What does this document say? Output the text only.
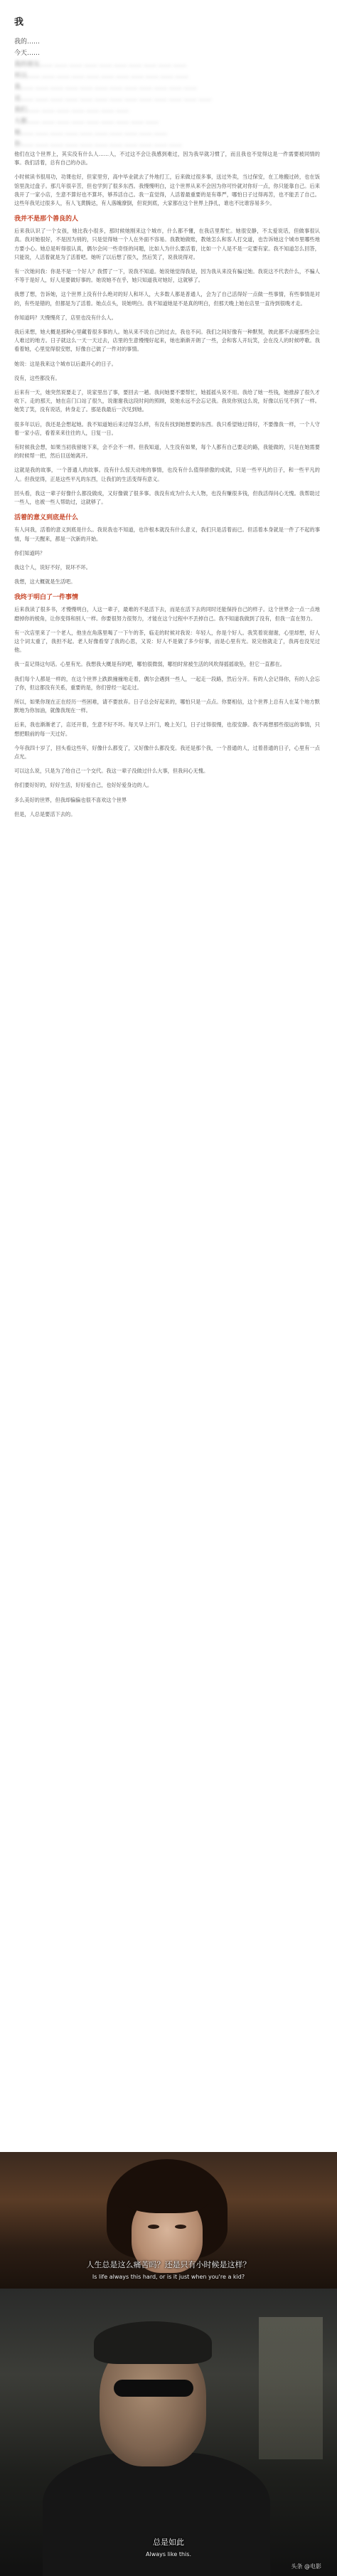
我
我的……
今天……
我的朋友…… …… …… …… …… …… …… …… …… ……
所以…… …… …… …… …… …… …… …… …… …… ……
我…… …… …… …… …… …… …… …… …… …… …… ……
这…… …… …… …… …… …… …… …… …… …… …… …… ……
我们…… …… …… …… …… …… ……
大都…… …… …… …… …… …… …… …… ……
她…… …… …… …… …… …… …… …… …… ……
你…… …… …… …… …… …… …… …… …… …… ……
他们在这个世界上，其实没有什么人……人，不过这不会让我感到难过，因为我早就习惯了，而且我也不觉得这是一件需要被同情的事。我们活着，总有自己的办法。
小时候读书很用功，功课也好，但家里穷，高中毕业就去了外地打工，后来做过很多事，送过外卖，当过保安，在工地搬过砖，也在饭馆里洗过盘子。那几年很辛苦，但也学到了很多东西。我慢慢明白，这个世界从来不会因为你可怜就对你好一点，你只能靠自己。后来我开了一家小店，生意不算好也不算坏，够养活自己。我一直觉得，人活着最重要的是有尊严，哪怕日子过得再苦，也不能丢了自己。这些年我见过很多人，有人飞黄腾达，有人落魄潦倒，但说到底，大家都在这个世界上挣扎，谁也不比谁容易多少。
我并不是那个善良的人
后来我认识了一个女孩，她比我小很多，那时候她刚来这个城市，什么都不懂，在我店里帮忙。她很安静，不太爱说话，但做事很认真。我对她很好，不是因为别的，只是觉得她一个人在外面不容易。我教她做账，教她怎么和客人打交道，也告诉她这个城市里哪些地方要小心。她总是听得很认真，偶尔会问一些奇怪的问题，比如人为什么要活着，比如一个人是不是一定要有家。我不知道怎么回答，只能说，人活着就是为了活着吧。她听了以后想了很久，然后笑了，说我说得对。
有一次她问我：你是不是一个好人？我愣了一下，说我不知道。她说她觉得我是，因为我从来没有骗过她。我说这不代表什么，不骗人不等于是好人，好人是要做好事的。她说她不在乎，她只知道我对她好，这就够了。
我想了想，告诉她，这个世界上没有什么绝对的好人和坏人，大多数人都是普通人，会为了自己活得好一点做一些事情，有些事情是对的，有些是错的，但都是为了活着。她点点头，说她明白。我不知道她是不是真的明白，但那天晚上她在店里一直待到很晚才走。
你知道吗？天慢慢亮了，店里也没有什么人。
我后来想，她大概是那种心里藏着很多事的人。她从来不说自己的过去，我也不问。我们之间好像有一种默契，彼此都不去碰那些会让人难过的地方。日子就这么一天一天过去，店里的生意慢慢好起来，她也渐渐开朗了一些，会和客人开玩笑，会在没人的时候哼歌。我看着她，心里觉得很安慰，好像自己做了一件对的事情。
她说：这是我来这个城市以后最开心的日子。
没有，这些都没有。
后来有一天，她突然说要走了，说家里出了事，要回去一趟。我问她要不要帮忙，她摇摇头说不用。我给了她一些钱，她推辞了很久才收下。走的那天，她在店门口站了很久，说谢谢我这段时间的照顾，说她永远不会忘记我。我说你别这么说，好像以后见不到了一样。她笑了笑，没有说话，转身走了。那是我最后一次见到她。
很多年以后，我还是会想起她。我不知道她后来过得怎么样，有没有找到她想要的东西。我只希望她过得好，不要像我一样，一个人守着一家小店，看着来来往往的人，日复一日。
有时候我会想，如果当初我留她下来，会不会不一样。但我知道，人生没有如果，每个人都有自己要走的路，我能做的，只是在她需要的时候帮一把，然后目送她离开。
这就是我的故事，一个普通人的故事。没有什么惊天动地的事情，也没有什么值得骄傲的成就，只是一些平凡的日子，和一些平凡的人。但我觉得，正是这些平凡的东西，让我们的生活变得有意义。
回头看，我这一辈子好像什么都没做成，又好像做了很多事。我没有成为什么大人物，也没有赚很多钱，但我活得问心无愧。我帮助过一些人，也被一些人帮助过，这就够了。
活着的意义到底是什么
有人问我，活着的意义到底是什么。我说我也不知道，也许根本就没有什么意义，我们只是活着而已。但活着本身就是一件了不起的事情，每一天醒来，都是一次新的开始。
你们知道吗？
我这个人，说好不好，说坏不坏。
我想，这大概就是生活吧。
我终于明白了一件事情
后来我读了很多书，才慢慢明白，人这一辈子，最难的不是活下去，而是在活下去的同时还能保持自己的样子。这个世界会一点一点地磨掉你的棱角，让你变得和别人一样。你要很努力很努力，才能在这个过程中不丢掉自己。我不知道我做到了没有，但我一直在努力。
有一次店里来了一个老人，他坐在角落里喝了一下午的茶，临走的时候对我说：年轻人，你是个好人。我笑着说谢谢，心里却想，好人这个词太重了，我担不起。老人好像看穿了我的心思，又说：好人不是做了多少好事，而是心里有光。说完他就走了，我再也没见过他。
我一直记得这句话。心里有光。我想我大概是有的吧，哪怕很微弱，哪怕时常被生活的风吹得摇摇欲坠，但它一直都在。
我们每个人都是一样的，在这个世界上跌跌撞撞地走着，偶尔会遇到一些人，一起走一段路，然后分开。有的人会记得你，有的人会忘了你，但这都没有关系，重要的是，你们曾经一起走过。
所以，如果你现在正在经历一些困难，请不要放弃。日子总会好起来的，哪怕只是一点点。你要相信，这个世界上总有人在某个地方默默地为你加油，就像我现在一样。
后来，我也渐渐老了，店还开着，生意不好不坏。每天早上开门，晚上关门，日子过得很慢，也很安静。我不再想那些很远的事情，只想把眼前的每一天过好。
今年我四十岁了，回头看这些年，好像什么都变了，又好像什么都没变。我还是那个我，一个普通的人，过着普通的日子，心里有一点点光。
可以这么说，只是为了给自己一个交代。我这一辈子没做过什么大事，但我问心无愧。
你们要好好的，好好生活，好好爱自己，也好好爱身边的人。
多么美好的世界，但我却偏偏也很不喜欢这个世界
但是，人总是要活下去的。
人生总是这么痛苦吗？还是只有小时候是这样？
Is life always this hard, or is it just when you're a kid?
总是如此
Always like this.
头条 @电影
